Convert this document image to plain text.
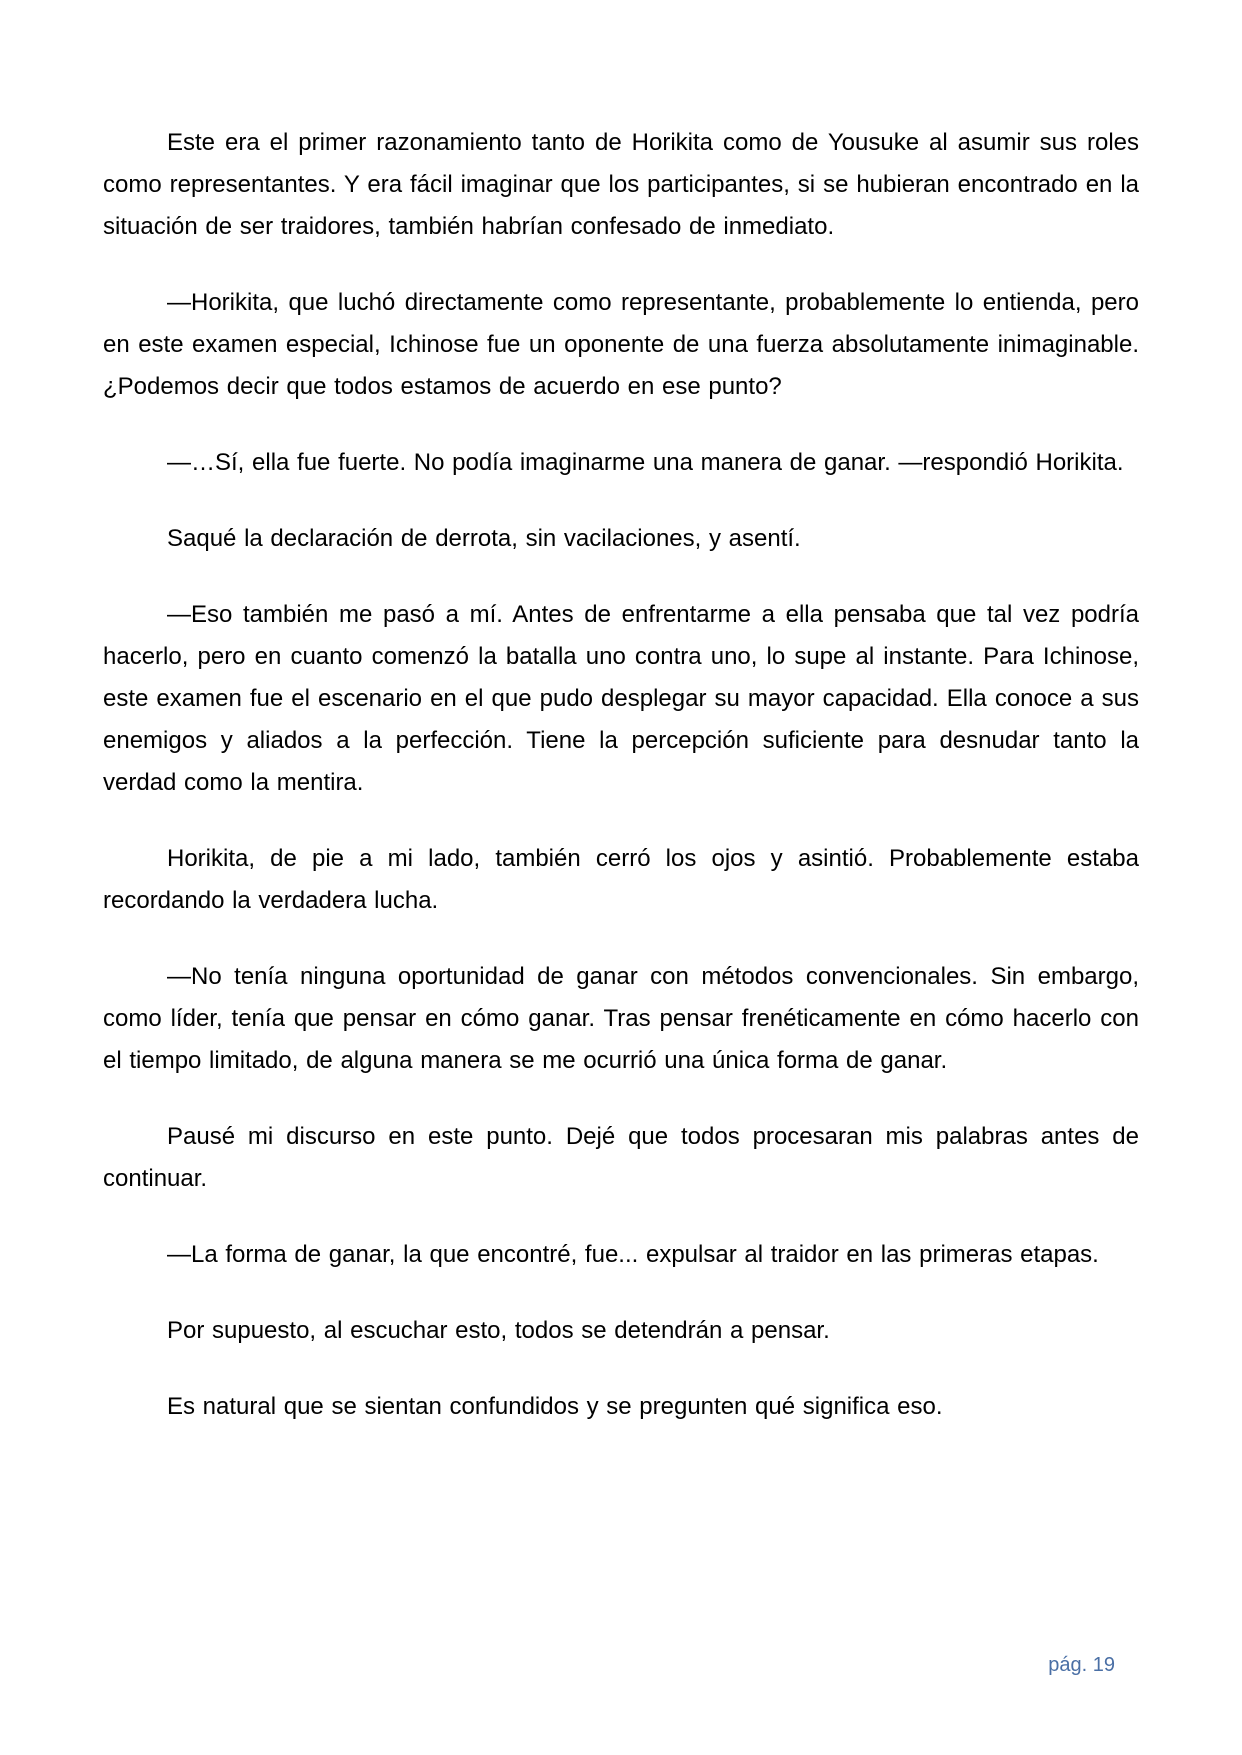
Este era el primer razonamiento tanto de Horikita como de Yousuke al asumir sus roles como representantes. Y era fácil imaginar que los participantes, si se hubieran encontrado en la situación de ser traidores, también habrían confesado de inmediato.

—Horikita, que luchó directamente como representante, probablemente lo entienda, pero en este examen especial, Ichinose fue un oponente de una fuerza absolutamente inimaginable. ¿Podemos decir que todos estamos de acuerdo en ese punto?

—…Sí, ella fue fuerte. No podía imaginarme una manera de ganar. —respondió Horikita.

Saqué la declaración de derrota, sin vacilaciones, y asentí.

—Eso también me pasó a mí. Antes de enfrentarme a ella pensaba que tal vez podría hacerlo, pero en cuanto comenzó la batalla uno contra uno, lo supe al instante. Para Ichinose, este examen fue el escenario en el que pudo desplegar su mayor capacidad. Ella conoce a sus enemigos y aliados a la perfección. Tiene la percepción suficiente para desnudar tanto la verdad como la mentira.

Horikita, de pie a mi lado, también cerró los ojos y asintió. Probablemente estaba recordando la verdadera lucha.

—No tenía ninguna oportunidad de ganar con métodos convencionales. Sin embargo, como líder, tenía que pensar en cómo ganar. Tras pensar frenéticamente en cómo hacerlo con el tiempo limitado, de alguna manera se me ocurrió una única forma de ganar.

Pausé mi discurso en este punto. Dejé que todos procesaran mis palabras antes de continuar.

—La forma de ganar, la que encontré, fue... expulsar al traidor en las primeras etapas.

Por supuesto, al escuchar esto, todos se detendrán a pensar.

Es natural que se sientan confundidos y se pregunten qué significa eso.

pág. 19
